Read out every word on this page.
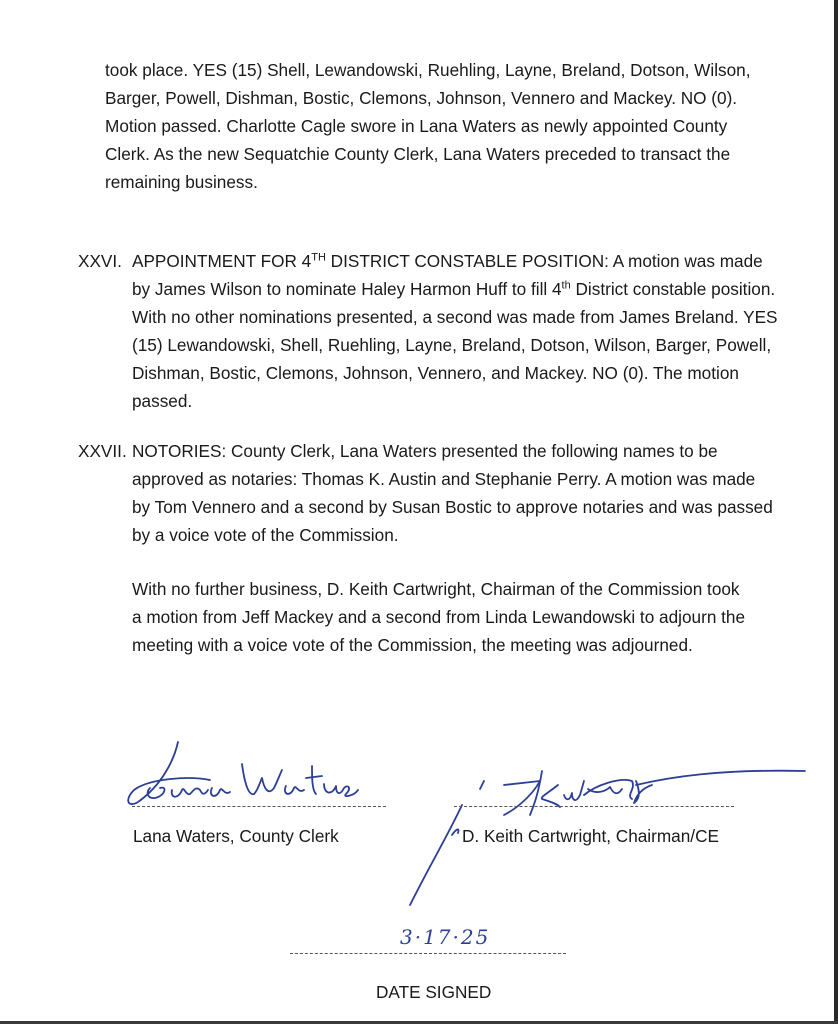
took place. YES (15) Shell, Lewandowski, Ruehling, Layne, Breland, Dotson, Wilson, Barger, Powell, Dishman, Bostic, Clemons, Johnson, Vennero and Mackey. NO (0). Motion passed. Charlotte Cagle swore in Lana Waters as newly appointed County Clerk. As the new Sequatchie County Clerk, Lana Waters preceded to transact the remaining business.

XXVI. APPOINTMENT FOR 4TH DISTRICT CONSTABLE POSITION: A motion was made by James Wilson to nominate Haley Harmon Huff to fill 4th District constable position. With no other nominations presented, a second was made from James Breland. YES (15) Lewandowski, Shell, Ruehling, Layne, Breland, Dotson, Wilson, Barger, Powell, Dishman, Bostic, Clemons, Johnson, Vennero, and Mackey. NO (0). The motion passed.
XXVII. NOTORIES: County Clerk, Lana Waters presented the following names to be approved as notaries: Thomas K. Austin and Stephanie Perry. A motion was made by Tom Vennero and a second by Susan Bostic to approve notaries and was passed by a voice vote of the Commission.

With no further business, D. Keith Cartwright, Chairman of the Commission took a motion from Jeff Mackey and a second from Linda Lewandowski to adjourn the meeting with a voice vote of the Commission, the meeting was adjourned.

Lana Waters, County Clerk	D. Keith Cartwright, Chairman/CE
3·17·25
DATE SIGNED
